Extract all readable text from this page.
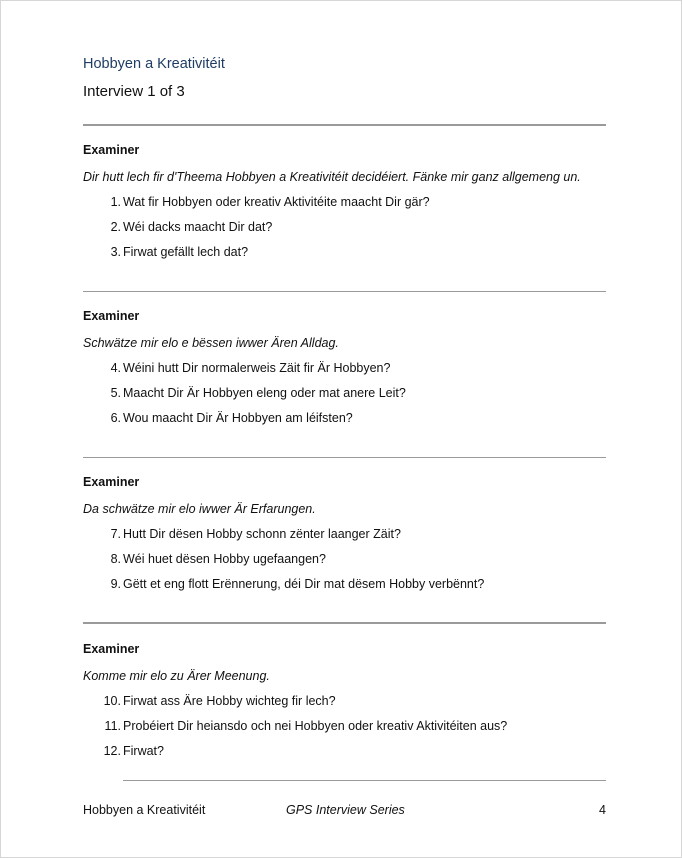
Hobbyen a Kreativitéit
Interview 1 of 3
Examiner
Dir hutt lech fir d'Theema Hobbyen a Kreativitéit decidéiert. Fänke mir ganz allgemeng un.
1. Wat fir Hobbyen oder kreativ Aktivitéite maacht Dir gär?
2. Wéi dacks maacht Dir dat?
3. Firwat gefällt lech dat?
Examiner
Schwätze mir elo e bëssen iwwer Ären Alldag.
4. Wéini hutt Dir normalerweis Zäit fir Är Hobbyen?
5. Maacht Dir Är Hobbyen eleng oder mat anere Leit?
6. Wou maacht Dir Är Hobbyen am léifsten?
Examiner
Da schwätze mir elo iwwer Är Erfarungen.
7. Hutt Dir dësen Hobby schonn zënter laanger Zäit?
8. Wéi huet dësen Hobby ugefaangen?
9. Gëtt et eng flott Erënnerung, déi Dir mat dësem Hobby verbënnt?
Examiner
Komme mir elo zu Ärer Meenung.
10. Firwat ass Äre Hobby wichteg fir lech?
11. Probéiert Dir heiansdo och nei Hobbyen oder kreativ Aktivitéiten aus?
12. Firwat?
Hobbyen a Kreativitéit	GPS Interview Series	4
